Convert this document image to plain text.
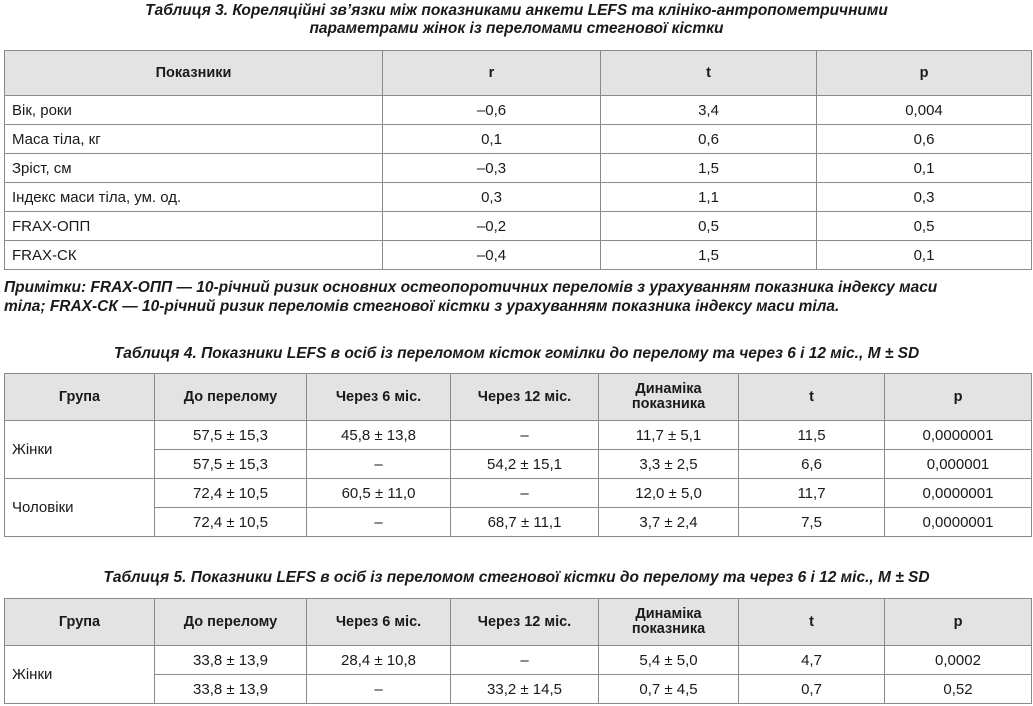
Таблиця 3. Кореляційні зв’язки між показниками анкети LEFS та клініко-антропометричними
параметрами жінок із переломами стегнової кістки
Показники	r	t	p
Вік, роки	–0,6	3,4	0,004
Маса тіла, кг	0,1	0,6	0,6
Зріст, см	–0,3	1,5	0,1
Індекс маси тіла, ум. од.	0,3	1,1	0,3
FRAX-ОПП	–0,2	0,5	0,5
FRAX-СК	–0,4	1,5	0,1
Примітки: FRAX-ОПП — 10-річний ризик основних остеопоротичних переломів з урахуванням показника індексу маси
тіла; FRAX-СК — 10-річний ризик переломів стегнової кістки з урахуванням показника індексу маси тіла.
Таблиця 4. Показники LEFS в осіб із переломом кісток гомілки до перелому та через 6 і 12 міс., M ± SD
Група	До перелому	Через 6 міс.	Через 12 міс.	Динаміка показника	t	p
Жінки	57,5 ± 15,3	45,8 ± 13,8	–	11,7 ± 5,1	11,5	0,0000001
	57,5 ± 15,3	–	54,2 ± 15,1	3,3 ± 2,5	6,6	0,000001
Чоловіки	72,4 ± 10,5	60,5 ± 11,0	–	12,0 ± 5,0	11,7	0,0000001
	72,4 ± 10,5	–	68,7 ± 11,1	3,7 ± 2,4	7,5	0,0000001
Таблиця 5. Показники LEFS в осіб із переломом стегнової кістки до перелому та через 6 і 12 міс., M ± SD
Група	До перелому	Через 6 міс.	Через 12 міс.	Динаміка показника	t	p
Жінки	33,8 ± 13,9	28,4 ± 10,8	–	5,4 ± 5,0	4,7	0,0002
	33,8 ± 13,9	–	33,2 ± 14,5	0,7 ± 4,5	0,7	0,52
